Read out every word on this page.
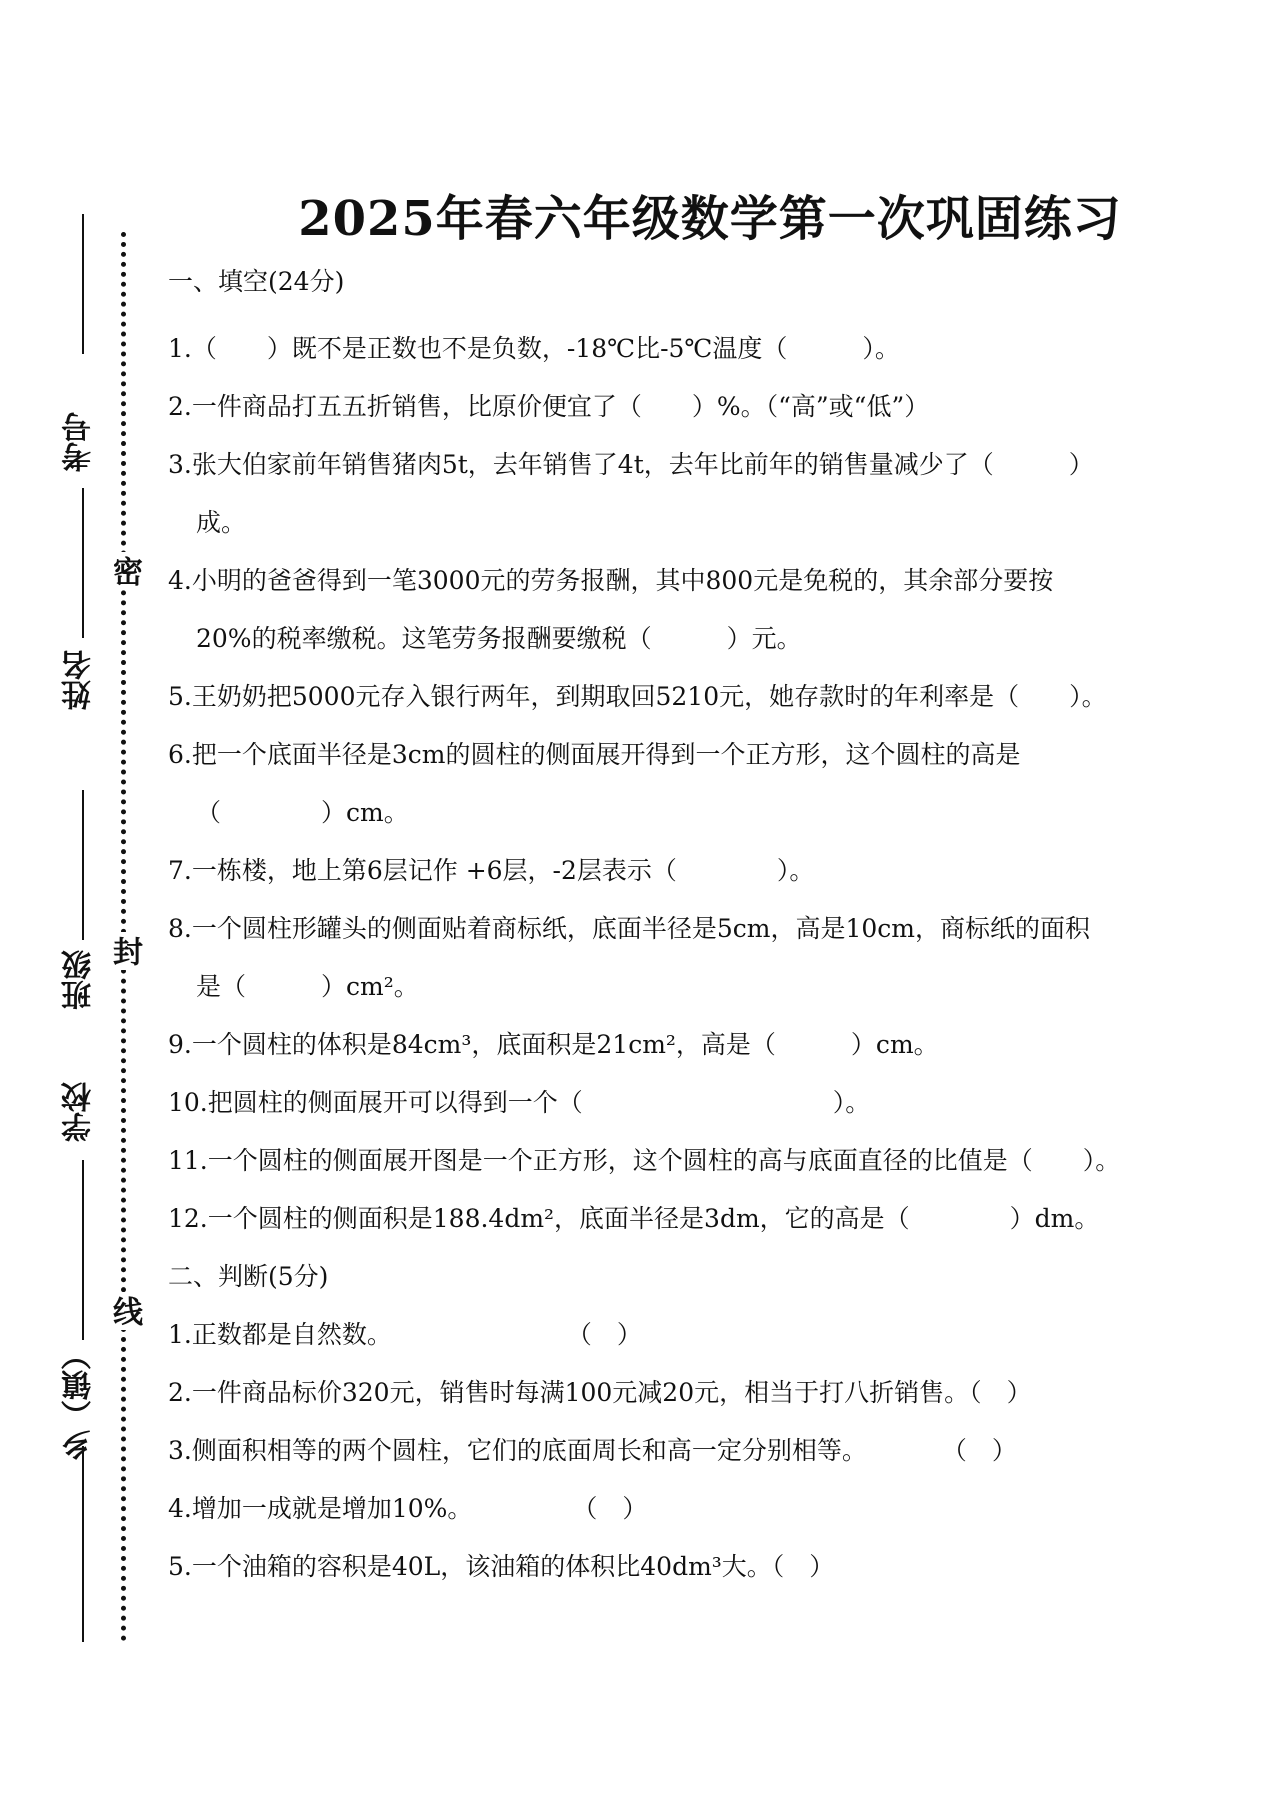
考号
姓名
班级
学校
乡（镇）
密
封
线
2025年春六年级数学第一次巩固练习
一、填空(24分)
1.（　　）既不是正数也不是负数，-18℃比-5℃温度（　　　）。
2.一件商品打五五折销售，比原价便宜了（　　）%。（“高”或“低”）
3.张大伯家前年销售猪肉5t，去年销售了4t，去年比前年的销售量减少了（　　　）
成。
4.小明的爸爸得到一笔3000元的劳务报酬，其中800元是免税的，其余部分要按
20%的税率缴税。这笔劳务报酬要缴税（　　　）元。
5.王奶奶把5000元存入银行两年，到期取回5210元，她存款时的年利率是（　　）。
6.把一个底面半径是3cm的圆柱的侧面展开得到一个正方形，这个圆柱的高是
（　　　　）cm。
7.一栋楼，地上第6层记作 +6层，-2层表示（　　　　）。
8.一个圆柱形罐头的侧面贴着商标纸，底面半径是5cm，高是10cm，商标纸的面积
是（　　　）cm²。
9.一个圆柱的体积是84cm³，底面积是21cm²，高是（　　　）cm。
10.把圆柱的侧面展开可以得到一个（　　　　　　　　　　）。
11.一个圆柱的侧面展开图是一个正方形，这个圆柱的高与底面直径的比值是（　　）。
12.一个圆柱的侧面积是188.4dm²，底面半径是3dm，它的高是（　　　　）dm。
二、判断(5分)
1.正数都是自然数。　　　　　　　　（　）
2.一件商品标价320元，销售时每满100元减20元，相当于打八折销售。（　）
3.侧面积相等的两个圆柱，它们的底面周长和高一定分别相等。　　　　（　）
4.增加一成就是增加10%。　　　　　（　）
5.一个油箱的容积是40L，该油箱的体积比40dm³大。（　）
